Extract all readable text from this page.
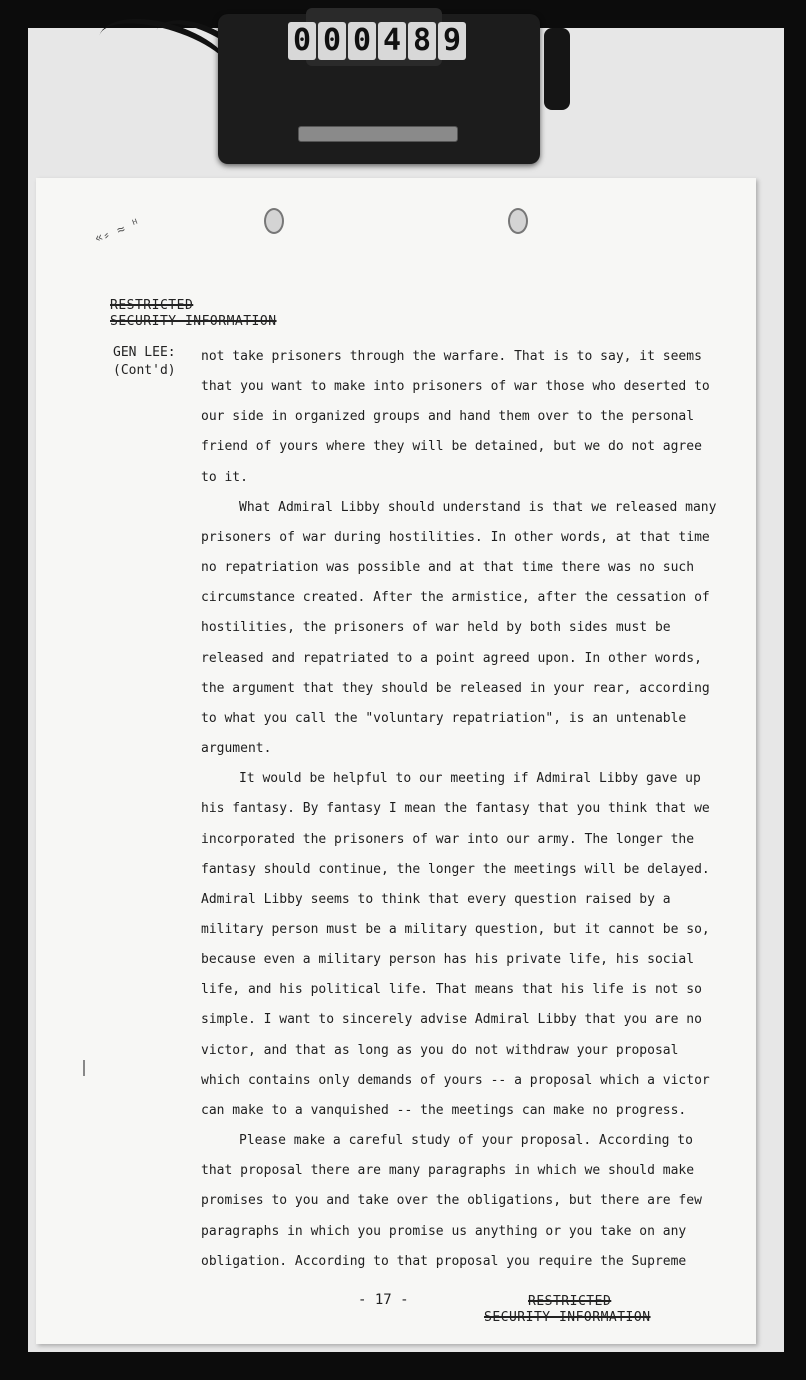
0 0 0 4 8 9
«⸗ ≈ ᴴ
RESTRICTED
SECURITY INFORMATION
GEN LEE:
(Cont'd)

not take prisoners through the warfare. That is to say, it seems that you want to make into prisoners of war those who deserted to our side in organized groups and hand them over to the personal friend of yours where they will be detained, but we do not agree to it.

What Admiral Libby should understand is that we released many prisoners of war during hostilities. In other words, at that time no repatriation was possible and at that time there was no such circumstance created. After the armistice, after the cessation of hostilities, the prisoners of war held by both sides must be released and repatriated to a point agreed upon. In other words, the argument that they should be released in your rear, according to what you call the "voluntary repatriation", is an untenable argument.

It would be helpful to our meeting if Admiral Libby gave up his fantasy. By fantasy I mean the fantasy that you think that we incorporated the prisoners of war into our army. The longer the fantasy should continue, the longer the meetings will be delayed. Admiral Libby seems to think that every question raised by a military person must be a military question, but it cannot be so, because even a military person has his private life, his social life, and his political life. That means that his life is not so simple. I want to sincerely advise Admiral Libby that you are no victor, and that as long as you do not withdraw your proposal which contains only demands of yours -- a proposal which a victor can make to a vanquished -- the meetings can make no progress.

Please make a careful study of your proposal. According to that proposal there are many paragraphs in which we should make promises to you and take over the obligations, but there are few paragraphs in which you promise us anything or you take on any obligation. According to that proposal you require the Supreme

- 17 -	RESTRICTED
SECURITY INFORMATION
